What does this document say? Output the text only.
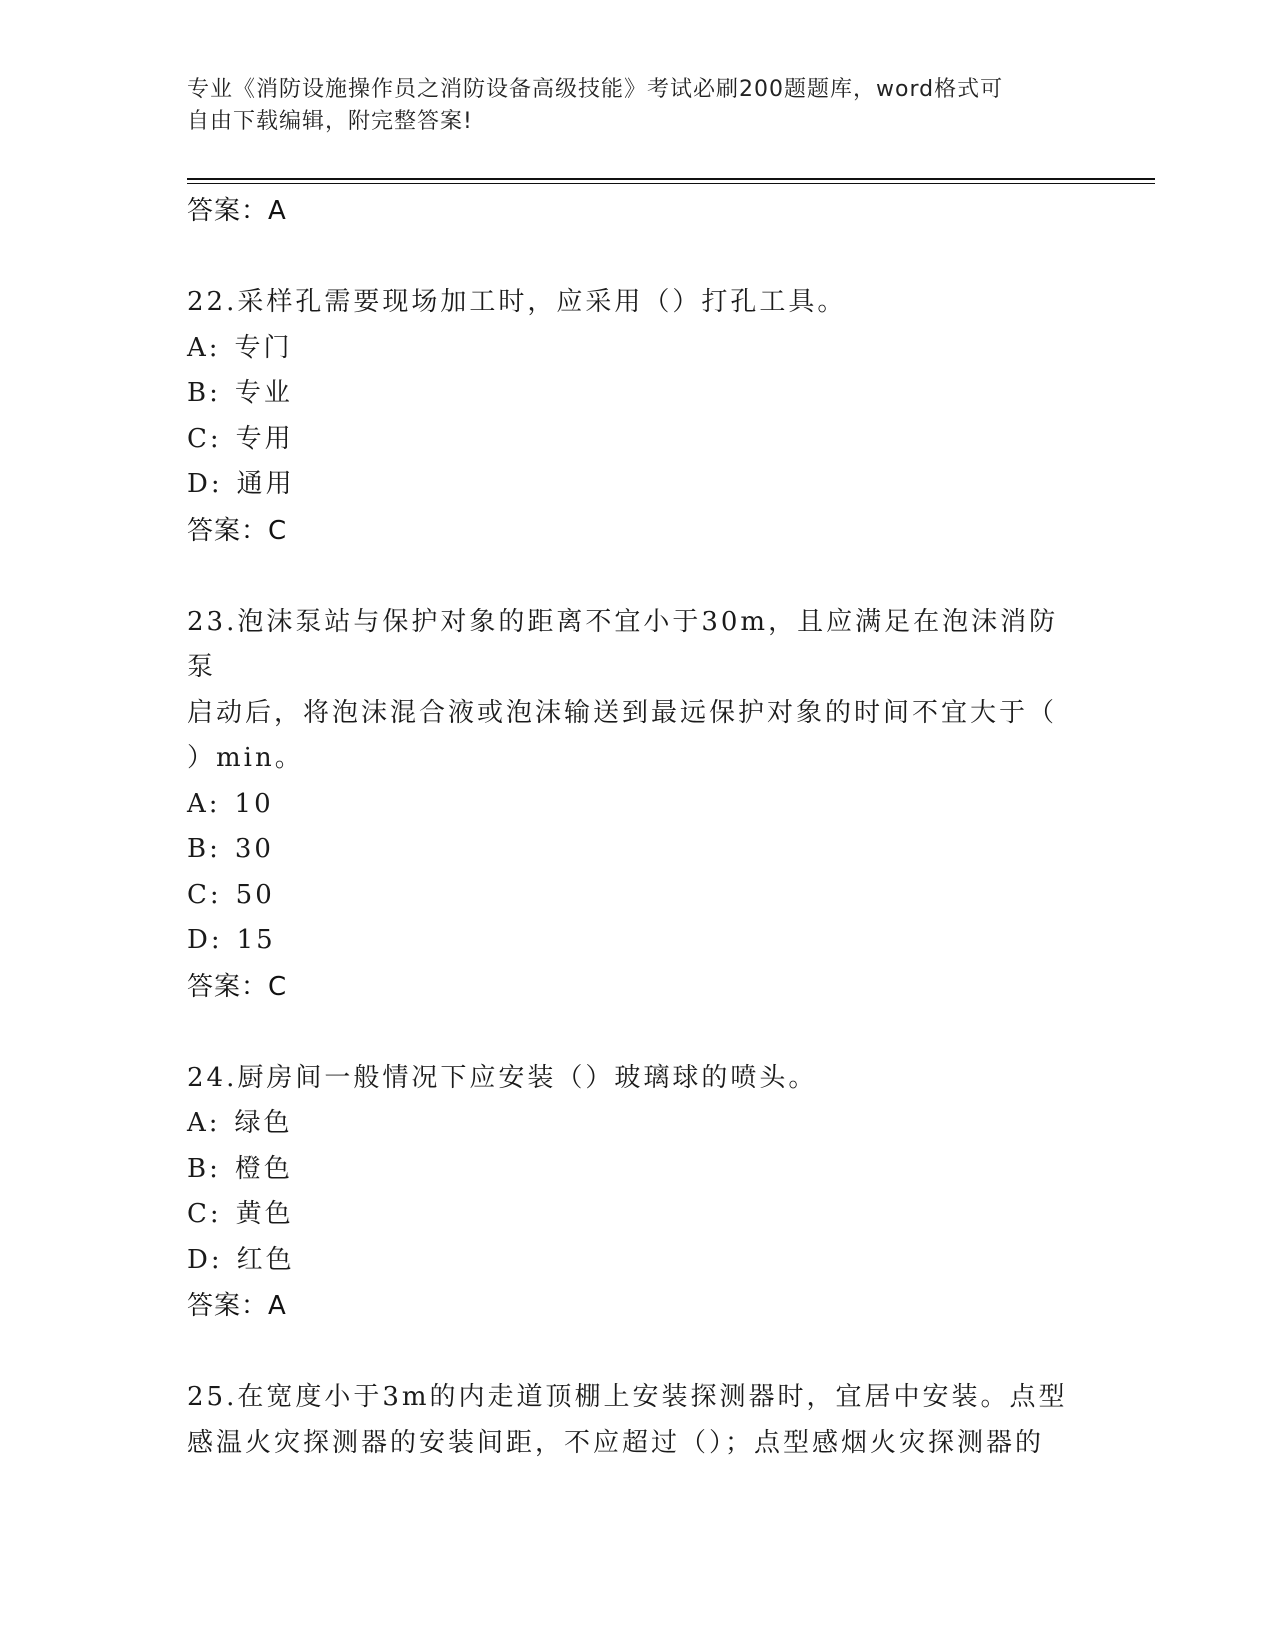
专业《消防设施操作员之消防设备高级技能》考试必刷200题题库，word格式可
自由下载编辑，附完整答案!
答案：A
22.采样孔需要现场加工时，应采用（）打孔工具。
A: 专门
B: 专业
C: 专用
D: 通用
答案：C
23.泡沫泵站与保护对象的距离不宜小于30m，且应满足在泡沫消防泵
启动后，将泡沫混合液或泡沫输送到最远保护对象的时间不宜大于（
）min。
A: 10
B: 30
C: 50
D: 15
答案：C
24.厨房间一般情况下应安装（）玻璃球的喷头。
A: 绿色
B: 橙色
C: 黄色
D: 红色
答案：A
25.在宽度小于3m的内走道顶棚上安装探测器时，宜居中安装。点型
感温火灾探测器的安装间距，不应超过（）；点型感烟火灾探测器的
